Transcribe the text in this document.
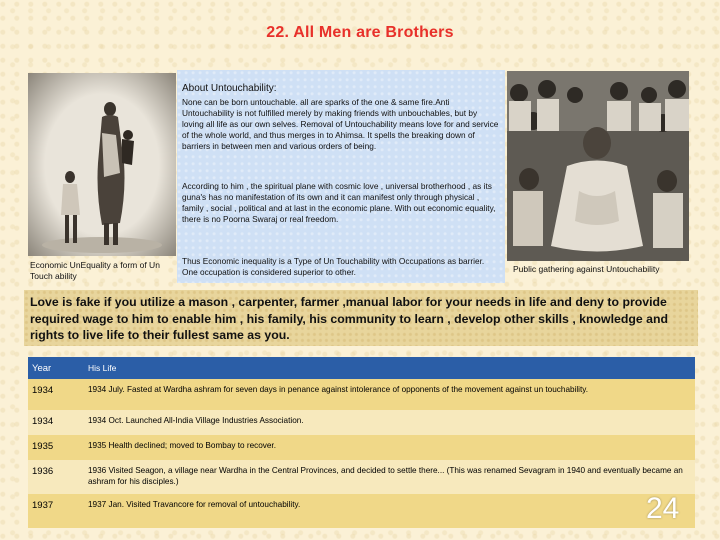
22. All Men are Brothers
Economic UnEquality a form of Un Touch ability
About Untouchability:
None can be born untouchable. all are sparks of the one & same fire.Anti Untouchability is not fulfilled merely by making friends with unbouchables, but by loving all life as our own selves. Removal of Untouchability means love for and service of the whole world, and thus merges in to Ahimsa. It spells the breaking down of barriers in between men and various orders of being.
According to him , the spiritual plane with cosmic love , universal brotherhood , as its guna's has no manifestation of its own and it can manifest only through physical , family , social , political and at last in the economic plane. With out economic equality, there is no Poorna Swaraj or real freedom.
Thus Economic inequality is a Type of Un Touchability with Occupations as barrier. One occupation is considered superior to other.	Public gathering against Untouchability
Love is fake if you utilize a mason , carpenter, farmer ,manual labor for your needs in life and deny to provide required wage to him to enable him , his family, his community to learn , develop other skills , knowledge and rights to live life to their fullest same as you.
Year	His Life
1934	1934 July. Fasted at Wardha ashram for seven days in penance against intolerance of opponents of the movement against un touchability.
1934	1934 Oct. Launched All-India Village Industries Association.
1935	1935 Health declined; moved to Bombay to recover.
1936	1936 Visited Seagon, a village near Wardha in the Central Provinces, and decided to settle there... (This was renamed Sevagram in 1940 and eventually became an ashram for his disciples.)
1937	1937 Jan. Visited Travancore for removal of untouchability.	24
